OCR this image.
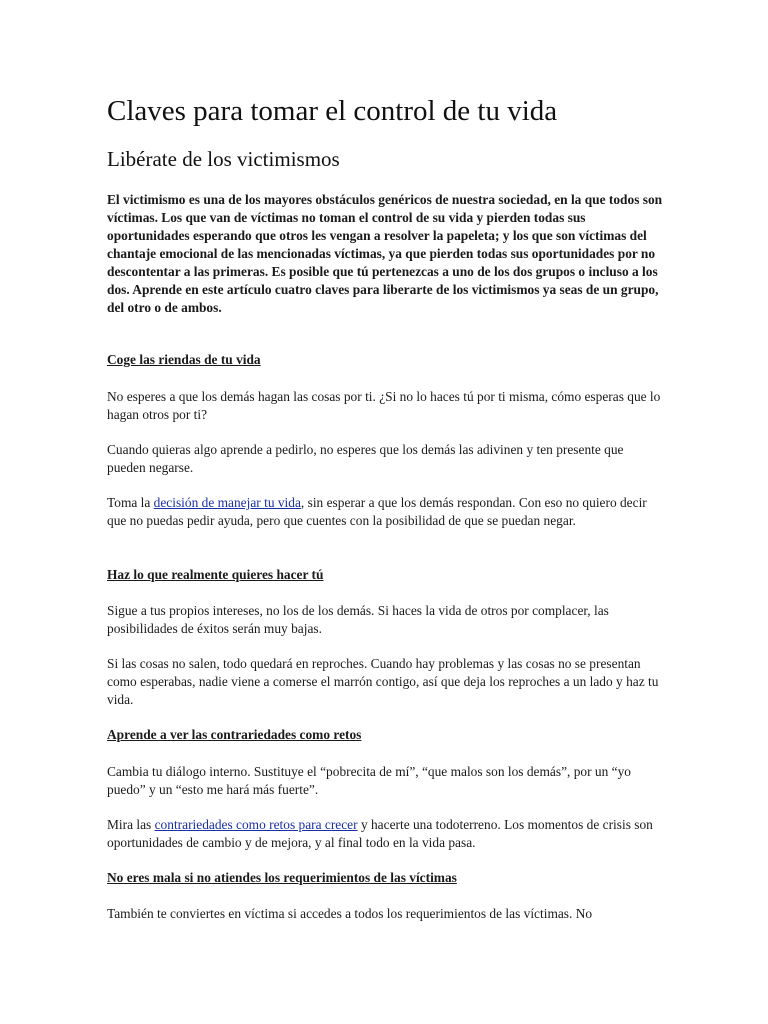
Claves para tomar el control de tu vida
Libérate de los victimismos

El victimismo es una de los mayores obstáculos genéricos de nuestra sociedad, en la que todos son víctimas. Los que van de víctimas no toman el control de su vida y pierden todas sus oportunidades esperando que otros les vengan a resolver la papeleta; y los que son víctimas del chantaje emocional de las mencionadas víctimas, ya que pierden todas sus oportunidades por no descontentar a las primeras. Es posible que tú pertenezcas a uno de los dos grupos o incluso a los dos. Aprende en este artículo cuatro claves para liberarte de los victimismos ya seas de un grupo, del otro o de ambos.

Coge las riendas de tu vida

No esperes a que los demás hagan las cosas por ti. ¿Si no lo haces tú por ti misma, cómo esperas que lo hagan otros por ti?

Cuando quieras algo aprende a pedirlo, no esperes que los demás las adivinen y ten presente que pueden negarse.

Toma la decisión de manejar tu vida, sin esperar a que los demás respondan. Con eso no quiero decir que no puedas pedir ayuda, pero que cuentes con la posibilidad de que se puedan negar.

Haz lo que realmente quieres hacer tú

Sigue a tus propios intereses, no los de los demás. Si haces la vida de otros por complacer, las posibilidades de éxitos serán muy bajas.

Si las cosas no salen, todo quedará en reproches. Cuando hay problemas y las cosas no se presentan como esperabas, nadie viene a comerse el marrón contigo, así que deja los reproches a un lado y haz tu vida.

Aprende a ver las contrariedades como retos

Cambia tu diálogo interno. Sustituye el “pobrecita de mí”, “que malos son los demás”, por un “yo puedo” y un “esto me hará más fuerte”.

Mira las contrariedades como retos para crecer y hacerte una todoterreno. Los momentos de crisis son oportunidades de cambio y de mejora, y al final todo en la vida pasa.

No eres mala si no atiendes los requerimientos de las víctimas

También te conviertes en víctima si accedes a todos los requerimientos de las víctimas. No
